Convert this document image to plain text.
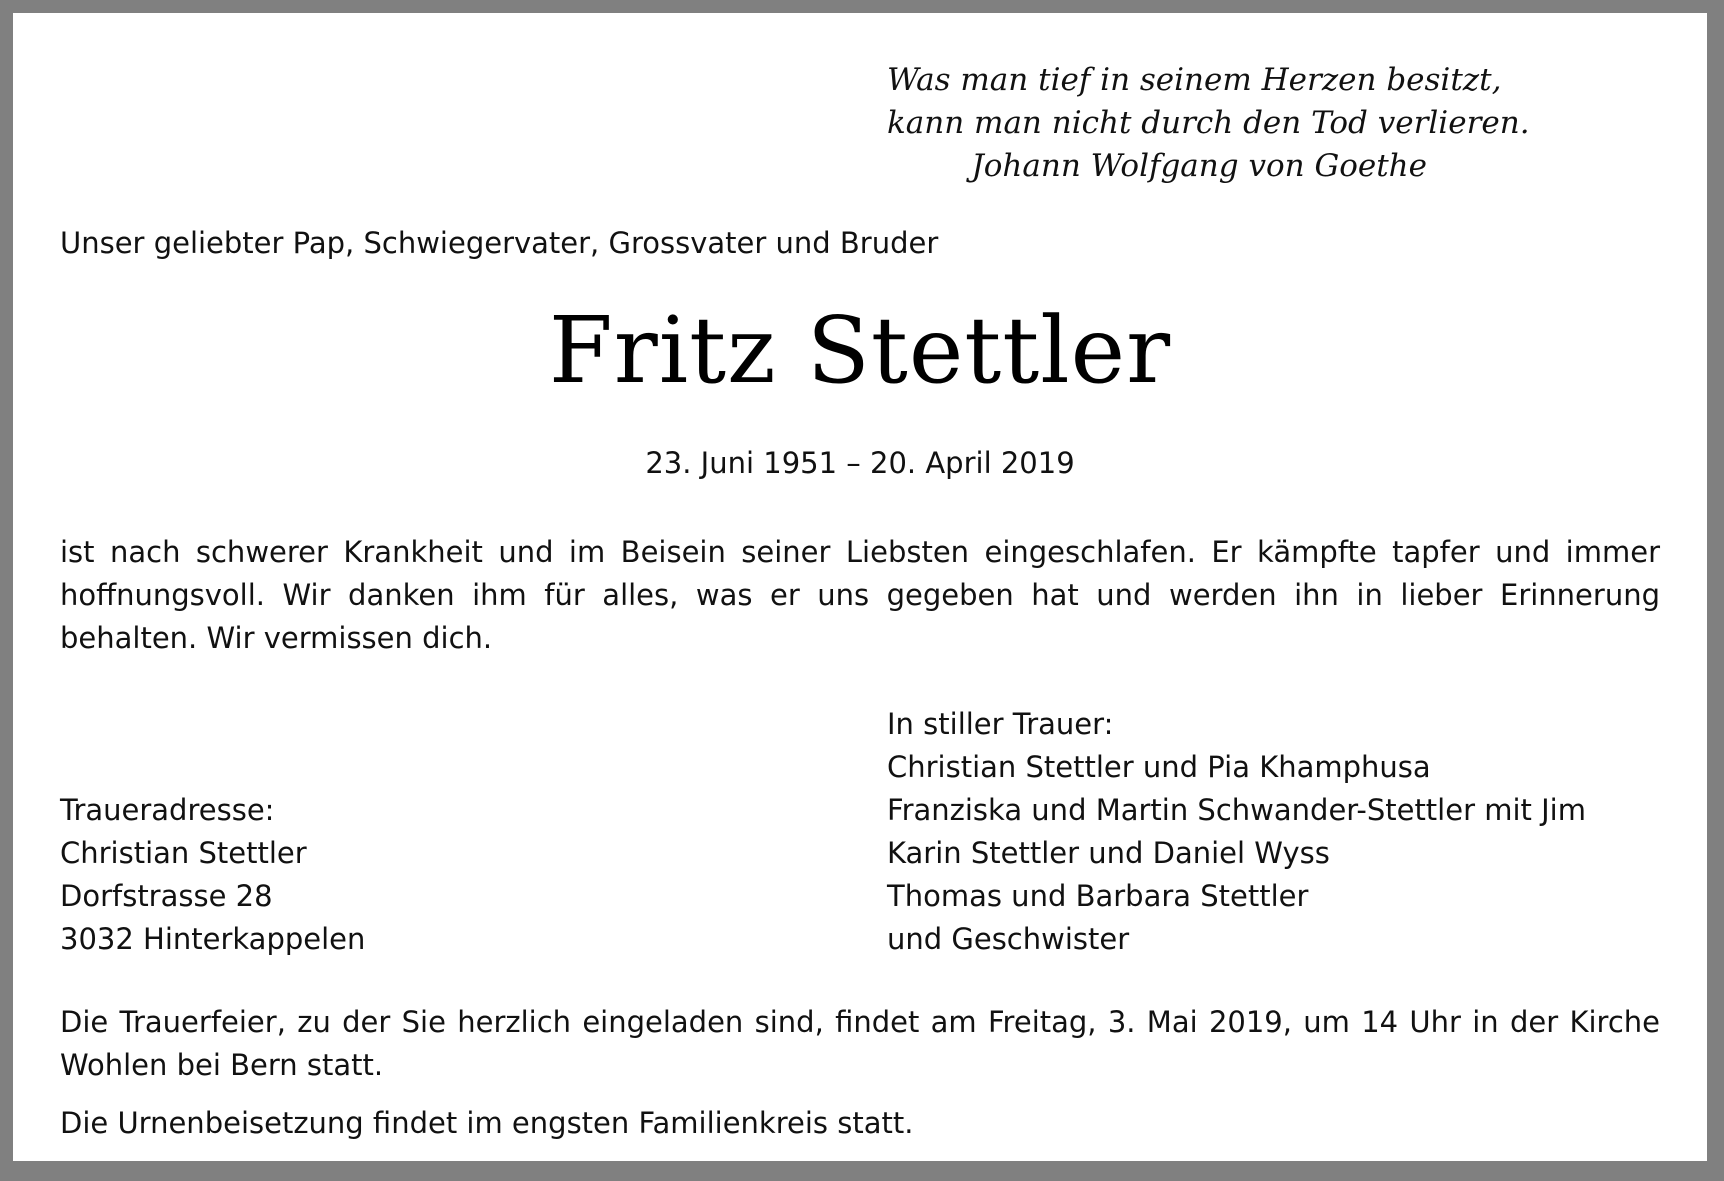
Was man tief in seinem Herzen besitzt,
kann man nicht durch den Tod verlieren.
Johann Wolfgang von Goethe
Unser geliebter Pap, Schwiegervater, Grossvater und Bruder
Fritz Stettler
23. Juni 1951 – 20. April 2019
ist nach schwerer Krankheit und im Beisein seiner Liebsten eingeschlafen. Er kämpfte tapfer und immer hoffnungsvoll. Wir danken ihm für alles, was er uns gegeben hat und werden ihn in lieber Erinnerung behalten. Wir vermissen dich.
In stiller Trauer:
Christian Stettler und Pia Khamphusa
Franziska und Martin Schwander-Stettler mit Jim
Karin Stettler und Daniel Wyss
Thomas und Barbara Stettler
und Geschwister
Traueradresse:
Christian Stettler
Dorfstrasse 28
3032 Hinterkappelen
Die Trauerfeier, zu der Sie herzlich eingeladen sind, findet am Freitag, 3. Mai 2019, um 14 Uhr in der Kirche Wohlen bei Bern statt.
Die Urnenbeisetzung findet im engsten Familienkreis statt.
